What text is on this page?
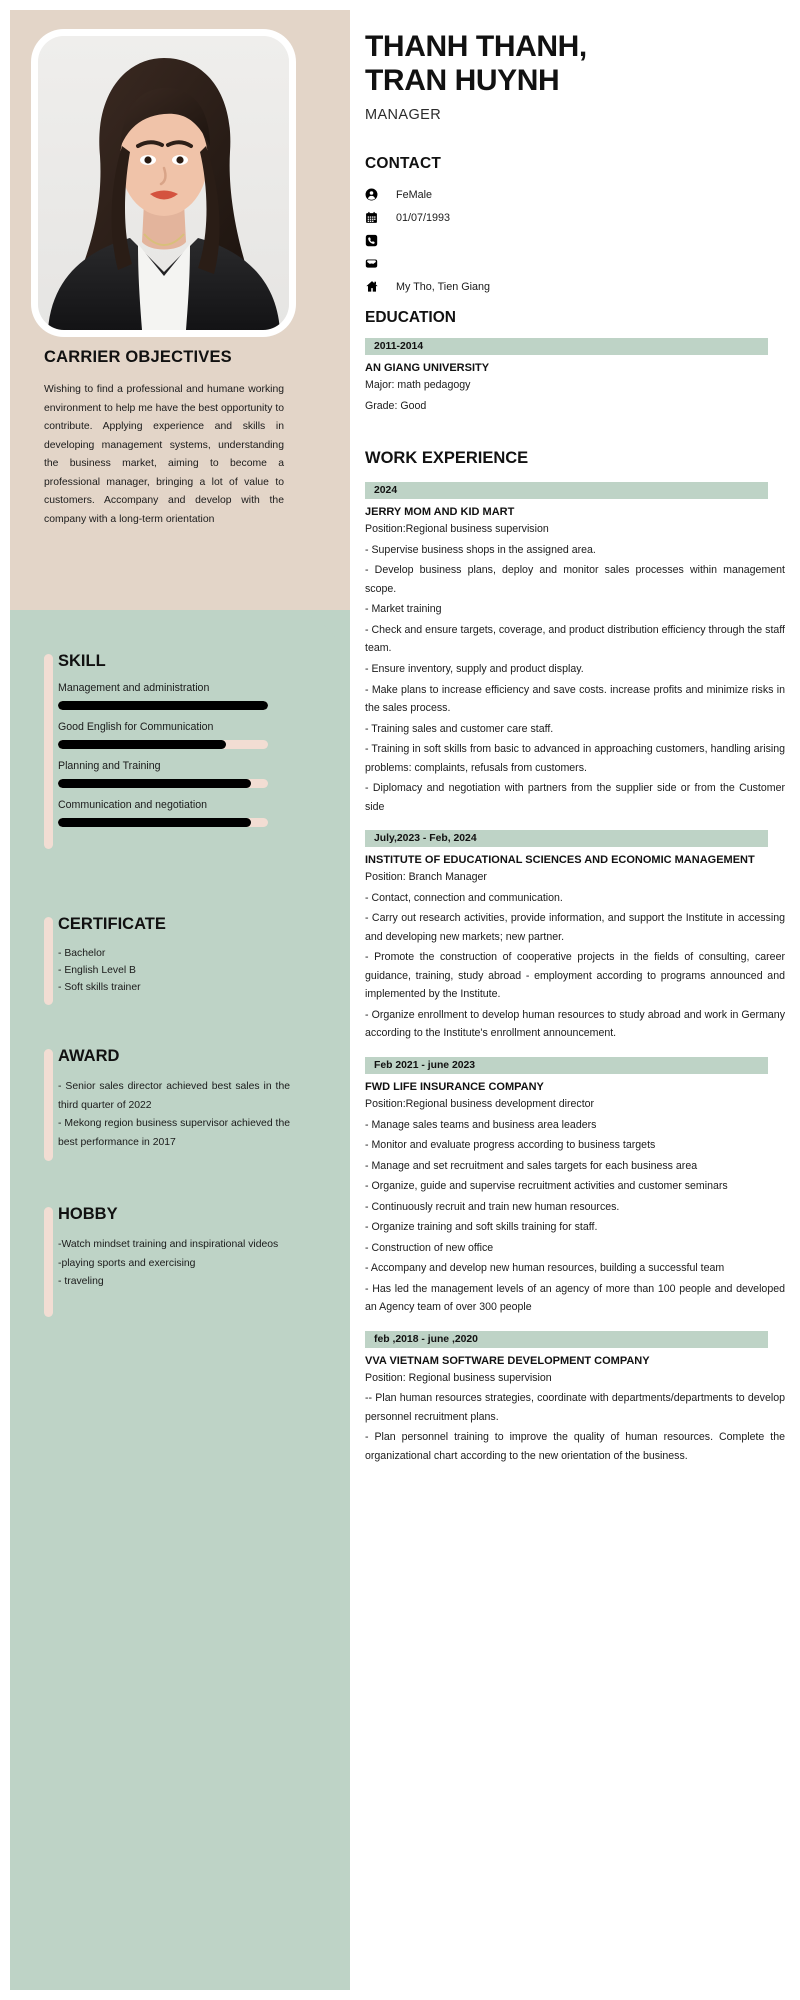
CARRIER OBJECTIVES
Wishing to find a professional and humane working environment to help me have the best opportunity to contribute. Applying experience and skills in developing management systems, understanding the business market, aiming to become a professional manager, bringing a lot of value to customers. Accompany and develop with the company with a long-term orientation
SKILL
Management and administration
Good English for Communication
Planning and Training
Communication and negotiation
CERTIFICATE
- Bachelor
- English Level B
- Soft skills trainer
AWARD
- Senior sales director achieved best sales in the third quarter of 2022
- Mekong region business supervisor achieved the best performance in 2017
HOBBY
-Watch mindset training and inspirational videos
-playing sports and exercising
- traveling
THANH THANH,
TRAN HUYNH
MANAGER
CONTACT
FeMale
01/07/1993
My Tho, Tien Giang
EDUCATION
2011-2014
AN GIANG UNIVERSITY
Major: math pedagogy
Grade: Good
WORK EXPERIENCE
2024
JERRY MOM AND KID MART
Position:Regional business supervision
- Supervise business shops in the assigned area.
- Develop business plans, deploy and monitor sales processes within management scope.
- Market training
- Check and ensure targets, coverage, and product distribution efficiency through the staff team.
- Ensure inventory, supply and product display.
- Make plans to increase efficiency and save costs. increase profits and minimize risks in the sales process.
- Training sales and customer care staff.
- Training in soft skills from basic to advanced in approaching customers, handling arising problems: complaints, refusals from customers.
- Diplomacy and negotiation with partners from the supplier side or from the Customer side
July,2023 - Feb, 2024
INSTITUTE OF EDUCATIONAL SCIENCES AND ECONOMIC MANAGEMENT
Position: Branch Manager
- Contact, connection and communication.
- Carry out research activities, provide information, and support the Institute in accessing and developing new markets; new partner.
- Promote the construction of cooperative projects in the fields of consulting, career guidance, training, study abroad - employment according to programs announced and implemented by the Institute.
- Organize enrollment to develop human resources to study abroad and work in Germany according to the Institute's enrollment announcement.
Feb 2021 - june 2023
FWD LIFE INSURANCE COMPANY
Position:Regional business development director
- Manage sales teams and business area leaders
- Monitor and evaluate progress according to business targets
- Manage and set recruitment and sales targets for each business area
- Organize, guide and supervise recruitment activities and customer seminars
- Continuously recruit and train new human resources.
- Organize training and soft skills training for staff.
- Construction of new office
- Accompany and develop new human resources, building a successful team
- Has led the management levels of an agency of more than 100 people and developed an Agency team of over 300 people
feb ,2018 - june ,2020
VVA VIETNAM SOFTWARE DEVELOPMENT COMPANY
Position: Regional business supervision
-- Plan human resources strategies, coordinate with departments/departments to develop personnel recruitment plans.
- Plan personnel training to improve the quality of human resources. Complete the organizational chart according to the new orientation of the business.
